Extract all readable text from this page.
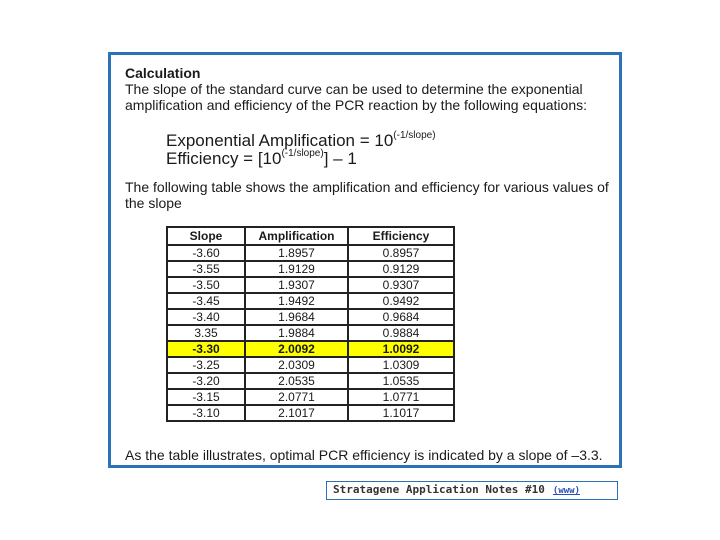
Calculation
The slope of the standard curve can be used to determine the exponential amplification and efficiency of the PCR reaction by the following equations:
Exponential Amplification = $10^{(-1/slope)}$
Efficiency = $[10^{(-1/slope)}] - 1$
The following table shows the amplification and efficiency for various values of the slope
Slope	Amplification	Efficiency
-3.60	1.8957	0.8957
-3.55	1.9129	0.9129
-3.50	1.9307	0.9307
-3.45	1.9492	0.9492
-3.40	1.9684	0.9684
3.35	1.9884	0.9884
-3.30	2.0092	1.0092
-3.25	2.0309	1.0309
-3.20	2.0535	1.0535
-3.15	2.0771	1.0771
-3.10	2.1017	1.1017
As the table illustrates, optimal PCR efficiency is indicated by a slope of –3.3.
Stratagene Application Notes #10 (www)
